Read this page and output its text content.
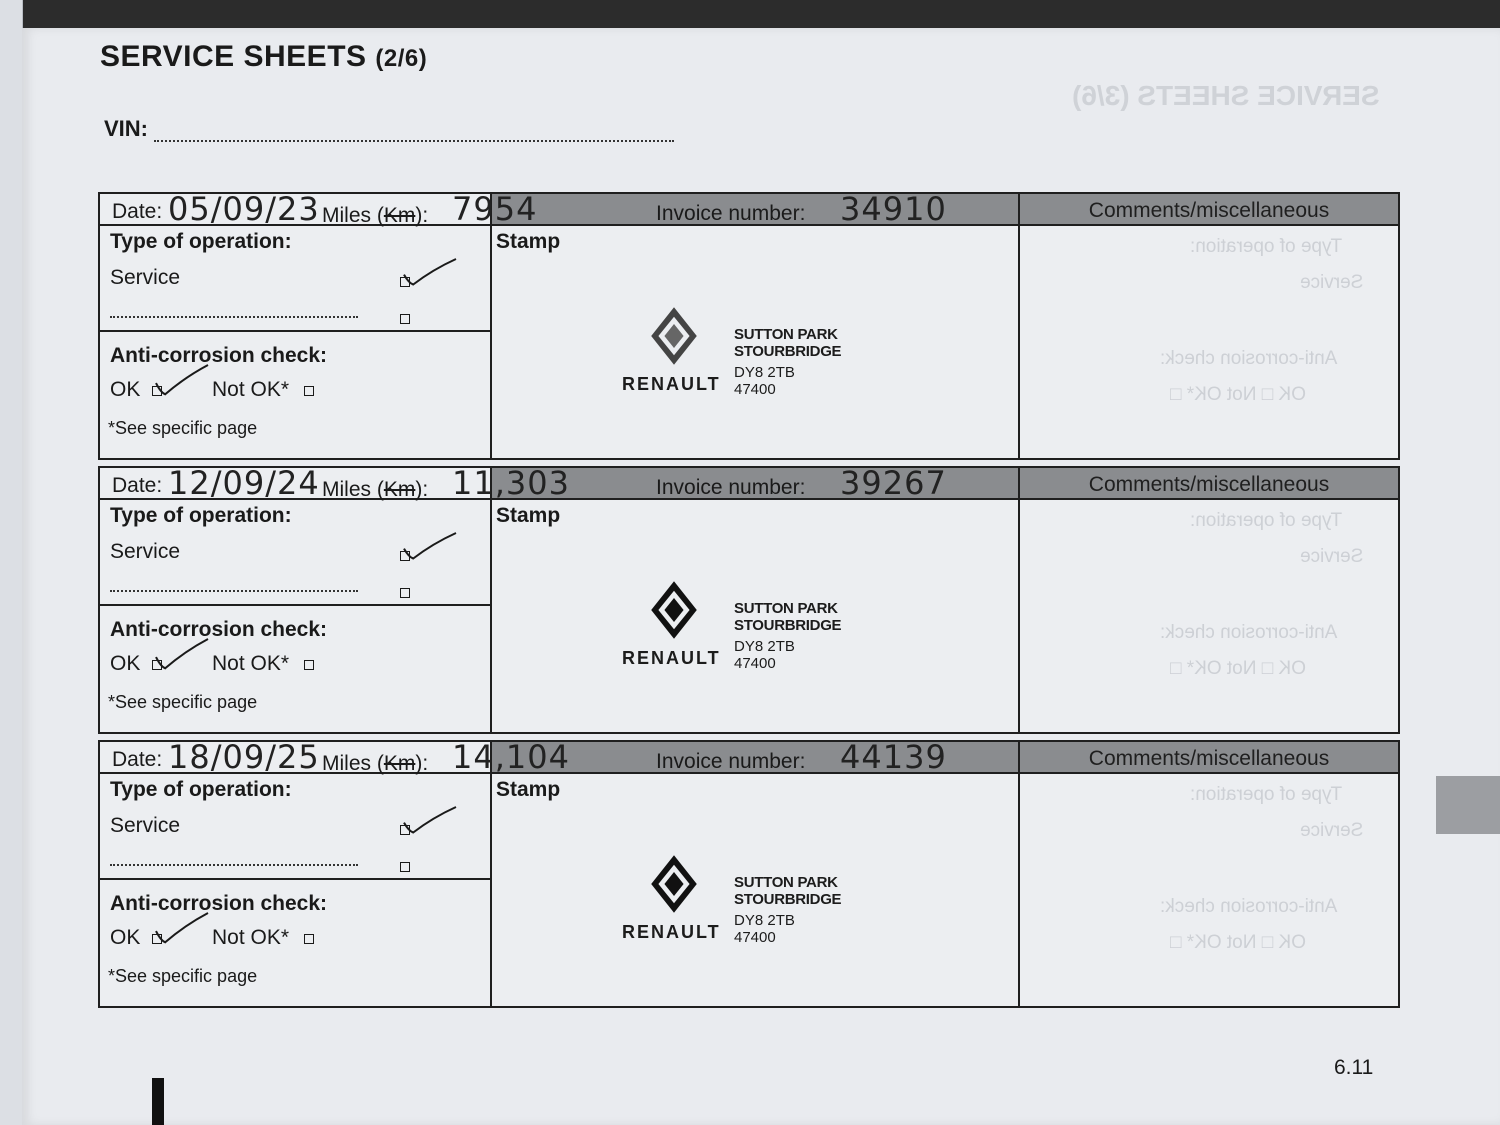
SERVICE SHEETS (3/6)
SERVICE SHEETS (2/6)
VIN:
Date: 05/09/23 Miles (Km): 7954	Invoice number: 34910	Comments/miscellaneous
Type of operation:
Service
Anti-corrosion check:
OK	Not OK*
*See specific page
Stamp
RENAULT
SUTTON PARK
STOURBRIDGE
DY8 2TB
47400
Type of operation:
Service
Anti-corrosion check:
OK □ Not OK* □
Date: 12/09/24 Miles (Km): 11,303	Invoice number: 39267	Comments/miscellaneous
Type of operation:
Service
Anti-corrosion check:
OK	Not OK*
*See specific page
Stamp
RENAULT
SUTTON PARK
STOURBRIDGE
DY8 2TB
47400
Type of operation:
Service
Anti-corrosion check:
OK □ Not OK* □
Date: 18/09/25 Miles (Km): 14,104	Invoice number: 44139	Comments/miscellaneous
Type of operation:
Service
Anti-corrosion check:
OK	Not OK*
*See specific page
Stamp
RENAULT
SUTTON PARK
STOURBRIDGE
DY8 2TB
47400
Type of operation:
Service
Anti-corrosion check:
OK □ Not OK* □
6.11
